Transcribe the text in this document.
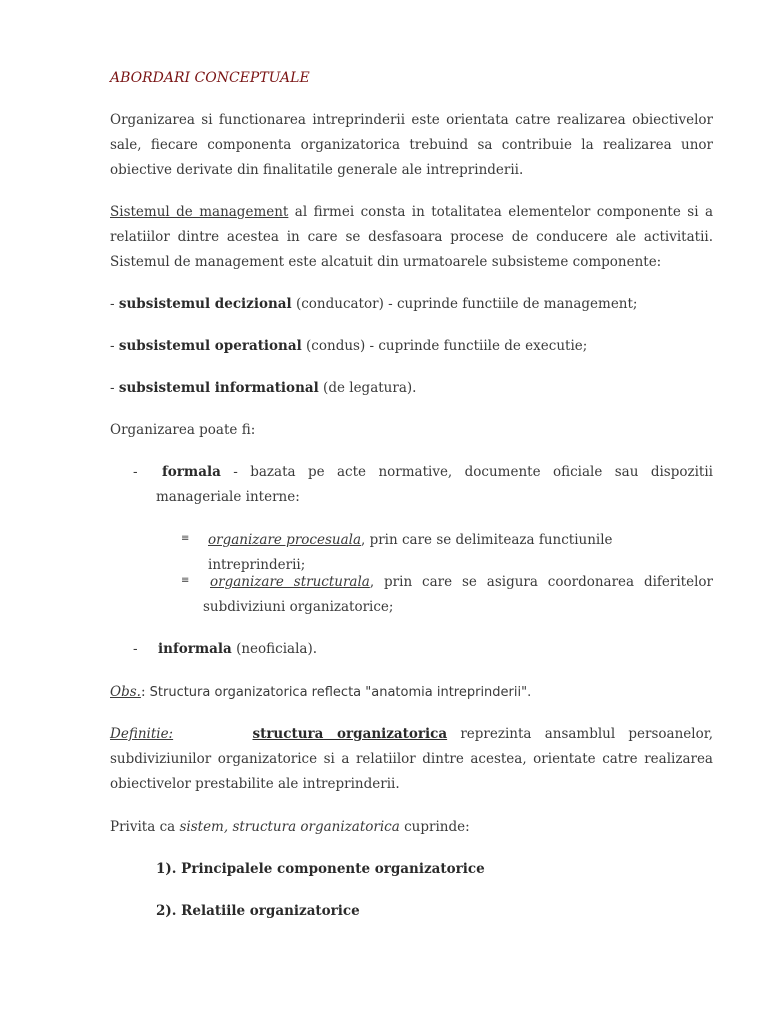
ABORDARI CONCEPTUALE

Organizarea si functionarea intreprinderii este orientata catre realizarea obiectivelor sale, fiecare componenta organizatorica trebuind sa contribuie la realizarea unor obiective derivate din finalitatile generale ale intreprinderii.

Sistemul de management al firmei consta in totalitatea elementelor componente si a relatiilor dintre acestea in care se desfasoara procese de conducere ale activitatii. Sistemul de management este alcatuit din urmatoarele subsisteme componente:

- subsistemul decizional (conducator) - cuprinde functiile de management;

- subsistemul operational (condus) - cuprinde functiile de executie;

- subsistemul informational (de legatura).

Organizarea poate fi:

-	formala - bazata pe acte normative, documente oficiale sau dispozitii manageriale interne:

≡ organizare procesuala, prin care se delimiteaza functiunile intreprinderii;

≡	organizare structurala, prin care se asigura coordonarea diferitelor subdiviziuni organizatorice;

- informala (neoficiala).

Obs.: Structura organizatorica reflecta "anatomia intreprinderii".

Definitie:	structura organizatorica reprezinta ansamblul persoanelor, subdiviziunilor organizatorice si a relatiilor dintre acestea, orientate catre realizarea obiectivelor prestabilite ale intreprinderii.

Privita ca sistem, structura organizatorica cuprinde:

1). Principalele componente organizatorice

2). Relatiile organizatorice
